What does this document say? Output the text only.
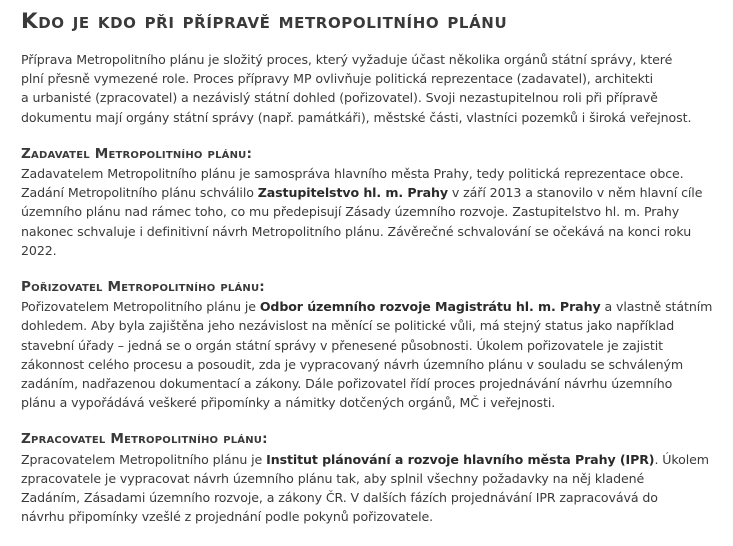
Kdo je kdo při přípravě metropolitního plánu

Příprava Metropolitního plánu je složitý proces, který vyžaduje účast několika orgánů státní správy, které
plní přesně vymezené role. Proces přípravy MP ovlivňuje politická reprezentace (zadavatel), architekti
a urbanisté (zpracovatel) a nezávislý státní dohled (pořizovatel). Svoji nezastupitelnou roli při přípravě
dokumentu mají orgány státní správy (např. památkáři), městské části, vlastníci pozemků i široká veřejnost.

Zadavatel Metropolitního plánu:

Zadavatelem Metropolitního plánu je samospráva hlavního města Prahy, tedy politická reprezentace obce.
Zadání Metropolitního plánu schválilo Zastupitelstvo hl. m. Prahy v září 2013 a stanovilo v něm hlavní cíle
územního plánu nad rámec toho, co mu předepisují Zásady územního rozvoje. Zastupitelstvo hl. m. Prahy
nakonec schvaluje i definitivní návrh Metropolitního plánu. Závěrečné schvalování se očekává na konci roku
2022.

Pořizovatel Metropolitního plánu:

Pořizovatelem Metropolitního plánu je Odbor územního rozvoje Magistrátu hl. m. Prahy a vlastně státním
dohledem. Aby byla zajištěna jeho nezávislost na měnící se politické vůli, má stejný status jako například
stavební úřady – jedná se o orgán státní správy v přenesené působnosti. Úkolem pořizovatele je zajistit
zákonnost celého procesu a posoudit, zda je vypracovaný návrh územního plánu v souladu se schváleným
zadáním, nadřazenou dokumentací a zákony. Dále pořizovatel řídí proces projednávání návrhu územního
plánu a vypořádává veškeré připomínky a námitky dotčených orgánů, MČ i veřejnosti.

Zpracovatel Metropolitního plánu:

Zpracovatelem Metropolitního plánu je Institut plánování a rozvoje hlavního města Prahy (IPR). Úkolem
zpracovatele je vypracovat návrh územního plánu tak, aby splnil všechny požadavky na něj kladené
Zadáním, Zásadami územního rozvoje, a zákony ČR. V dalších fázích projednávání IPR zapracovává do
návrhu připomínky vzešlé z projednání podle pokynů pořizovatele.
